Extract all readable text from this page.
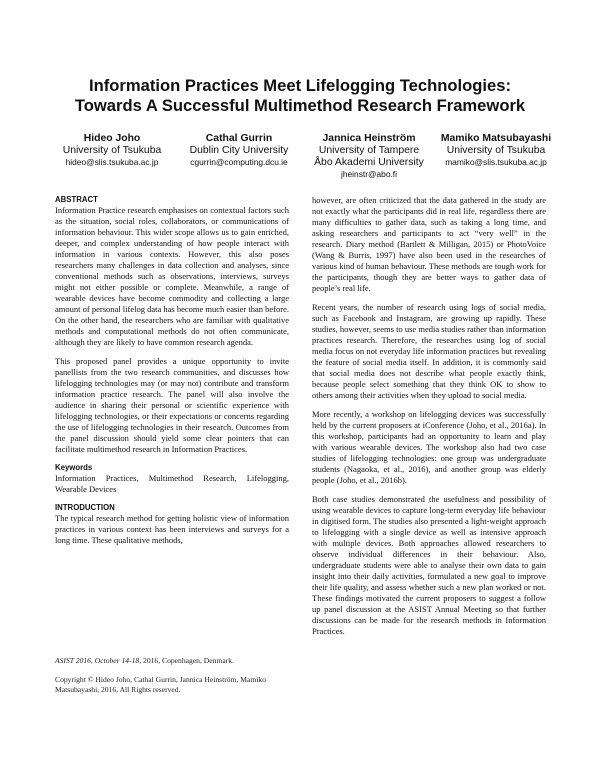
Information Practices Meet Lifelogging Technologies:
Towards A Successful Multimethod Research Framework
Hideo Joho
University of Tsukuba
hideo@slis.tsukuba.ac.jp
Cathal Gurrin
Dublin City University
cgurrin@computing.dcu.ie
Jannica Heinström
University of Tampere
Åbo Akademi University
jheinstr@abo.fi
Mamiko Matsubayashi
University of Tsukuba
mamiko@slis.tsukuba.ac.jp
ABSTRACT

Information Practice research emphasises on contextual factors such as the situation, social roles, collaborators, or communications of information behaviour. This wider scope allows us to gain enriched, deeper, and complex understanding of how people interact with information in various contexts. However, this also poses researchers many challenges in data collection and analyses, since conventional methods such as observations, interviews, surveys might not either possible or complete. Meanwhile, a range of wearable devices have become commodity and collecting a large amount of personal lifelog data has become much easier than before. On the other hand, the researchers who are familiar with qualitative methods and computational methods do not often communicate, although they are likely to have common research agenda.

This proposed panel provides a unique opportunity to invite panellists from the two research communities, and discusses how lifelogging technologies may (or may not) contribute and transform information practice research. The panel will also involve the audience in sharing their personal or scientific experience with lifelogging technologies, or their expectations or concerns regarding the use of lifelogging technologies in their research. Outcomes from the panel discussion should yield some clear pointers that can facilitate multimethod research in Information Practices.

Keywords

Information Practices, Multimethod Research, Lifelogging, Wearable Devices

INTRODUCTION

The typical research method for getting holistic view of information practices in various context has been interviews and surveys for a long time. These qualitative methods,

ASIST 2016, October 14-18, 2016, Copenhagen, Denmark.

Copyright © Hideo Joho, Cathal Gurrin, Jannica Heinström, Mamiko Matsubayashi, 2016, All Rights reserved.

however, are often criticized that the data gathered in the study are not exactly what the participants did in real life, regardless there are many difficulties to gather data, such as taking a long time, and asking researchers and participants to act “very well” in the research. Diary method (Bartlett & Milligan, 2015) or PhotoVoice (Wang & Burris, 1997) have also been used in the researches of various kind of human behaviour. These methods are tough work for the participants, though they are better ways to gather data of people’s real life.

Recent years, the number of research using logs of social media, such as Facebook and Instagram, are growing up rapidly. These studies, however, seems to use media studies rather than information practices research. Therefore, the researches using log of social media focus on not everyday life information practices but revealing the feature of social media itself. In addition, it is commonly said that social media does not describe what people exactly think, because people select something that they think OK to show to others among their activities when they upload to social media.

More recently, a workshop on lifelogging devices was successfully held by the current proposers at iConference (Joho, et al., 2016a). In this workshop, participants had an opportunity to learn and play with various wearable devices. The workshop also had two case studies of lifelogging technologies: one group was undergraduate students (Nagaoka, et al., 2016), and another group was elderly people (Joho, et al., 2016b).

Both case studies demonstrated the usefulness and possibility of using wearable devices to capture long-term everyday life behaviour in digitised form. The studies also presented a light-weight approach to lifelogging with a single device as well as intensive approach with multiple devices. Both approaches allowed researchers to observe individual differences in their behaviour. Also, undergraduate students were able to analyse their own data to gain insight into their daily activities, formulated a new goal to improve their life quality, and assess whether such a new plan worked or not. These findings motivated the current proposers to suggest a follow up panel discussion at the ASIST Annual Meeting so that further discussions can be made for the research methods in Information Practices.
